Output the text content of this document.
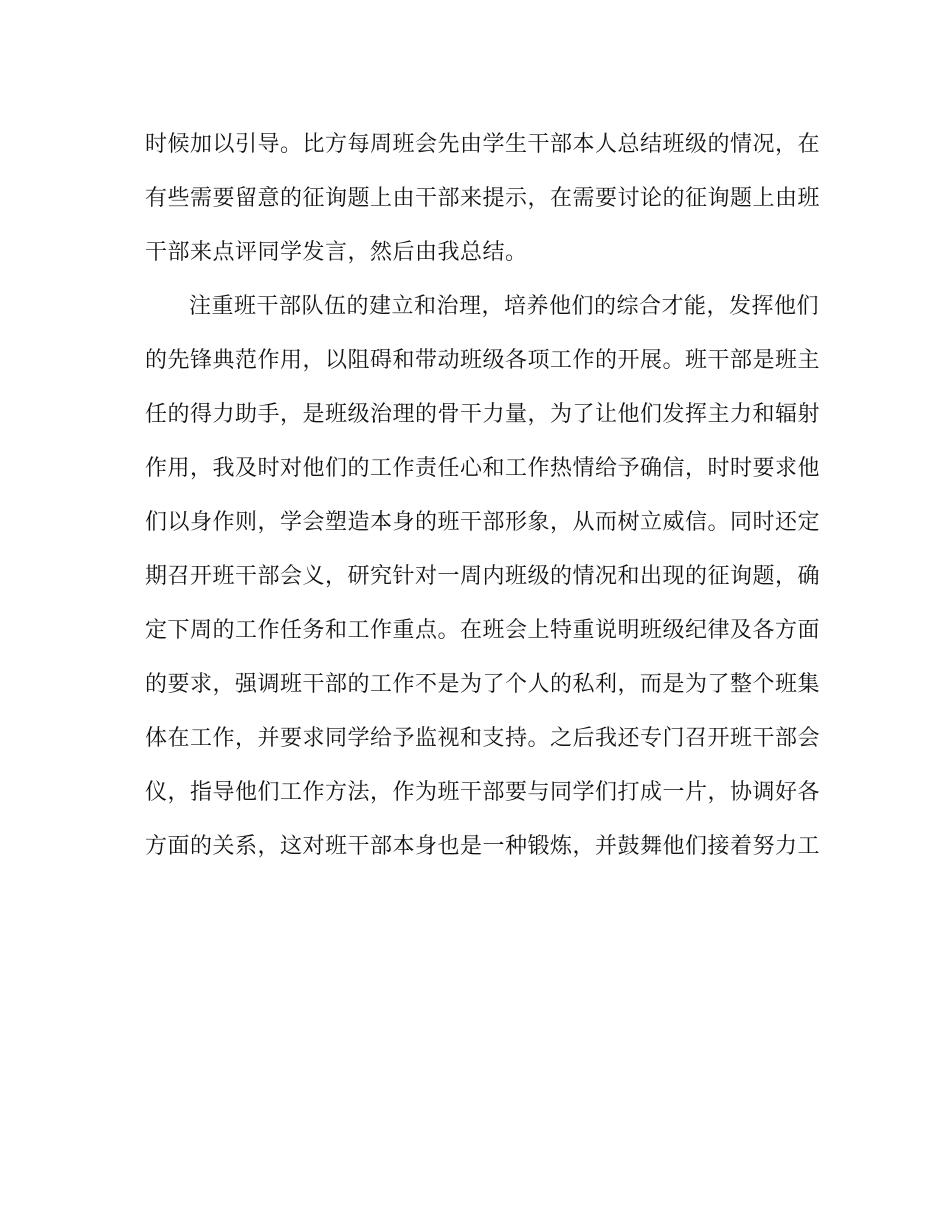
时候加以引导。比方每周班会先由学生干部本人总结班级的情况，在

有些需要留意的征询题上由干部来提示，在需要讨论的征询题上由班

干部来点评同学发言，然后由我总结。

注重班干部队伍的建立和治理，培养他们的综合才能，发挥他们

的先锋典范作用，以阻碍和带动班级各项工作的开展。班干部是班主

任的得力助手，是班级治理的骨干力量，为了让他们发挥主力和辐射

作用，我及时对他们的工作责任心和工作热情给予确信，时时要求他

们以身作则，学会塑造本身的班干部形象，从而树立威信。同时还定

期召开班干部会义，研究针对一周内班级的情况和出现的征询题，确

定下周的工作任务和工作重点。在班会上特重说明班级纪律及各方面

的要求，强调班干部的工作不是为了个人的私利，而是为了整个班集

体在工作，并要求同学给予监视和支持。之后我还专门召开班干部会

仪，指导他们工作方法，作为班干部要与同学们打成一片，协调好各

方面的关系，这对班干部本身也是一种锻炼，并鼓舞他们接着努力工
